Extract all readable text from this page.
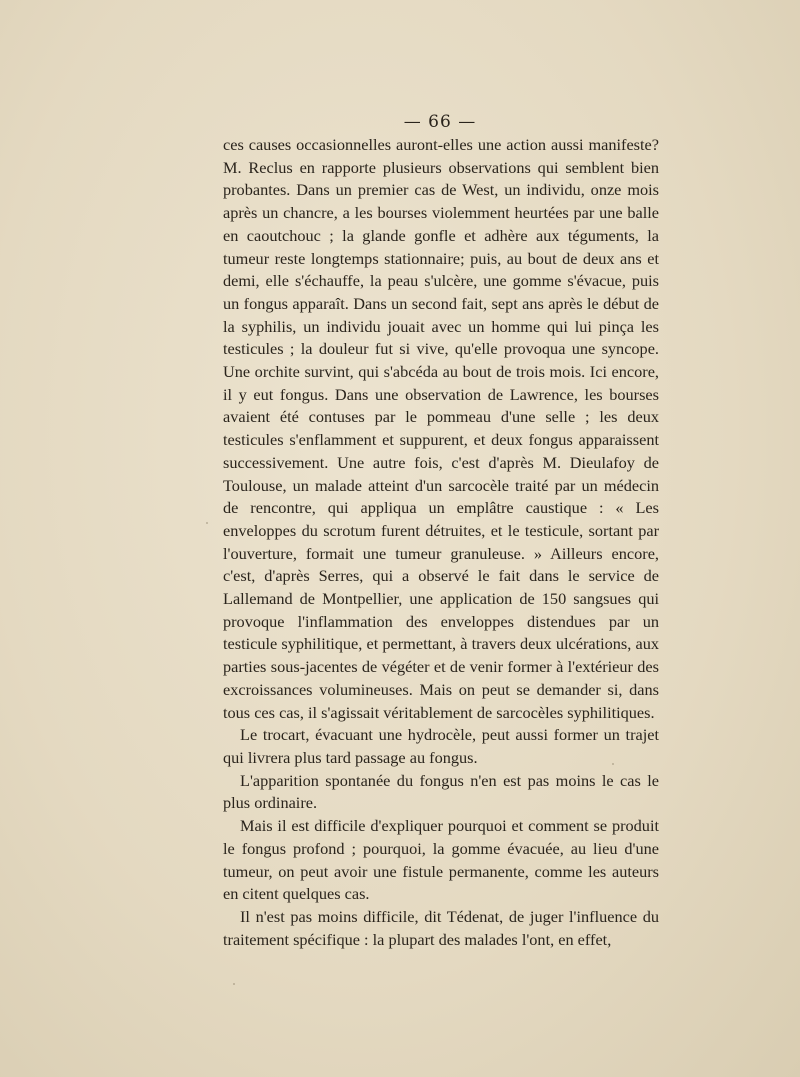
— 66 —

ces causes occasionnelles auront-elles une action aussi manifeste? M. Reclus en rapporte plusieurs observations qui semblent bien probantes. Dans un premier cas de West, un individu, onze mois après un chancre, a les bourses violemment heurtées par une balle en caoutchouc ; la glande gonfle et adhère aux téguments, la tumeur reste longtemps stationnaire; puis, au bout de deux ans et demi, elle s'échauffe, la peau s'ulcère, une gomme s'évacue, puis un fongus apparaît. Dans un second fait, sept ans après le début de la syphilis, un individu jouait avec un homme qui lui pinça les testicules ; la douleur fut si vive, qu'elle provoqua une syncope. Une orchite survint, qui s'abcéda au bout de trois mois. Ici encore, il y eut fongus. Dans une observation de Lawrence, les bourses avaient été contuses par le pommeau d'une selle ; les deux testicules s'enflamment et suppurent, et deux fongus apparaissent successivement. Une autre fois, c'est d'après M. Dieulafoy de Toulouse, un malade atteint d'un sarcocèle traité par un médecin de rencontre, qui appliqua un emplâtre caustique : « Les enveloppes du scrotum furent détruites, et le testicule, sortant par l'ouverture, formait une tumeur granuleuse. » Ailleurs encore, c'est, d'après Serres, qui a observé le fait dans le service de Lallemand de Montpellier, une application de 150 sangsues qui provoque l'inflammation des enveloppes distendues par un testicule syphilitique, et permettant, à travers deux ulcérations, aux parties sous-jacentes de végéter et de venir former à l'extérieur des excroissances volumineuses. Mais on peut se demander si, dans tous ces cas, il s'agissait véritablement de sarcocèles syphilitiques.

Le trocart, évacuant une hydrocèle, peut aussi former un trajet qui livrera plus tard passage au fongus.

L'apparition spontanée du fongus n'en est pas moins le cas le plus ordinaire.

Mais il est difficile d'expliquer pourquoi et comment se produit le fongus profond ; pourquoi, la gomme évacuée, au lieu d'une tumeur, on peut avoir une fistule permanente, comme les auteurs en citent quelques cas.

Il n'est pas moins difficile, dit Tédenat, de juger l'influence du traitement spécifique : la plupart des malades l'ont, en effet,
